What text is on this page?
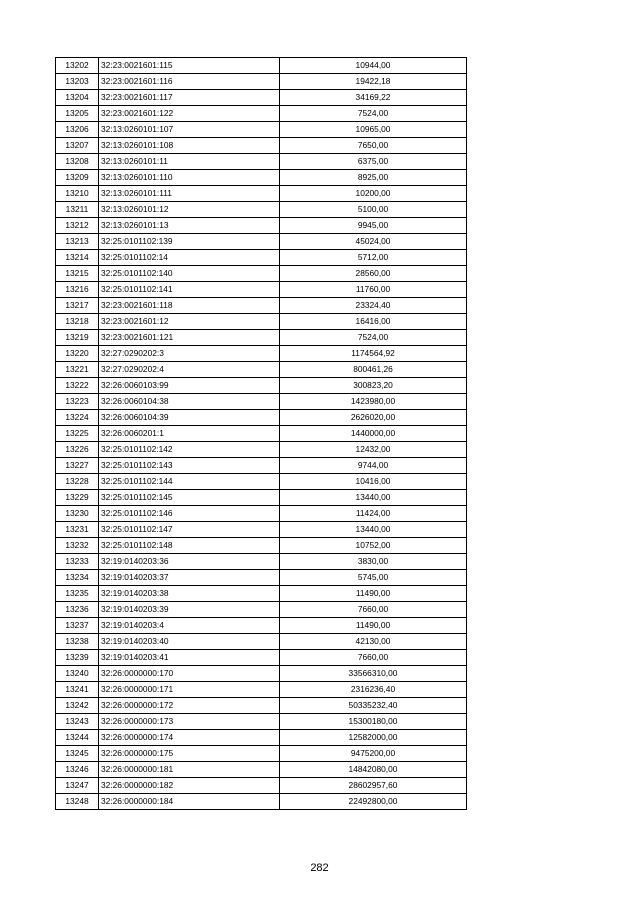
13202	32:23:0021601:115	10944,00
13203	32:23:0021601:116	19422,18
13204	32:23:0021601:117	34169,22
13205	32:23:0021601:122	7524,00
13206	32:13:0260101:107	10965,00
13207	32:13:0260101:108	7650,00
13208	32:13:0260101:11	6375,00
13209	32:13:0260101:110	8925,00
13210	32:13:0260101:111	10200,00
13211	32:13:0260101:12	5100,00
13212	32:13:0260101:13	9945,00
13213	32:25:0101102:139	45024,00
13214	32:25:0101102:14	5712,00
13215	32:25:0101102:140	28560,00
13216	32:25:0101102:141	11760,00
13217	32:23:0021601:118	23324,40
13218	32:23:0021601:12	16416,00
13219	32:23:0021601:121	7524,00
13220	32:27:0290202:3	1174564,92
13221	32:27:0290202:4	800461,26
13222	32:26:0060103:99	300823,20
13223	32:26:0060104:38	1423980,00
13224	32:26:0060104:39	2626020,00
13225	32:26:0060201:1	1440000,00
13226	32:25:0101102:142	12432,00
13227	32:25:0101102:143	9744,00
13228	32:25:0101102:144	10416,00
13229	32:25:0101102:145	13440,00
13230	32:25:0101102:146	11424,00
13231	32:25:0101102:147	13440,00
13232	32:25:0101102:148	10752,00
13233	32:19:0140203:36	3830,00
13234	32:19:0140203:37	5745,00
13235	32:19:0140203:38	11490,00
13236	32:19:0140203:39	7660,00
13237	32:19:0140203:4	11490,00
13238	32:19:0140203:40	42130,00
13239	32:19:0140203:41	7660,00
13240	32:26:0000000:170	33566310,00
13241	32:26:0000000:171	2316236,40
13242	32:26:0000000:172	50335232,40
13243	32:26:0000000:173	15300180,00
13244	32:26:0000000:174	12582000,00
13245	32:26:0000000:175	9475200,00
13246	32:26:0000000:181	14842080,00
13247	32:26:0000000:182	28602957,60
13248	32:26:0000000:184	22492800,00
282
